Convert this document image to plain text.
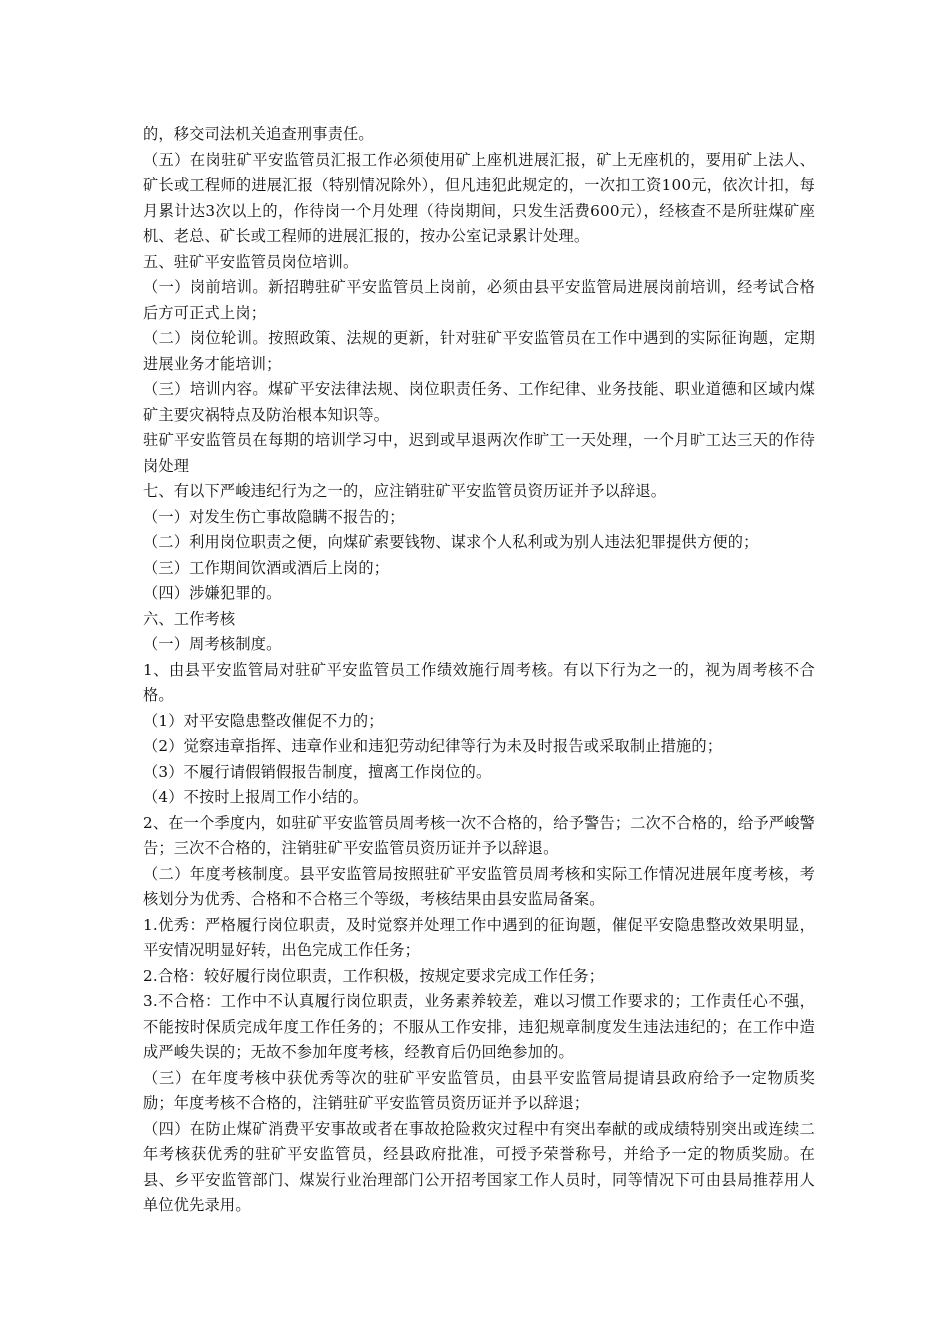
的，移交司法机关追查刑事责任。

（五）在岗驻矿平安监管员汇报工作必须使用矿上座机进展汇报，矿上无座机的，要用矿上法人、矿长或工程师的进展汇报（特别情况除外），但凡违犯此规定的，一次扣工资100元，依次计扣，每月累计达3次以上的，作待岗一个月处理（待岗期间，只发生活费600元），经核查不是所驻煤矿座机、老总、矿长或工程师的进展汇报的，按办公室记录累计处理。

五、驻矿平安监管员岗位培训。

（一）岗前培训。新招聘驻矿平安监管员上岗前，必须由县平安监管局进展岗前培训，经考试合格后方可正式上岗；

（二）岗位轮训。按照政策、法规的更新，针对驻矿平安监管员在工作中遇到的实际征询题，定期进展业务才能培训；

（三）培训内容。煤矿平安法律法规、岗位职责任务、工作纪律、业务技能、职业道德和区域内煤矿主要灾祸特点及防治根本知识等。

驻矿平安监管员在每期的培训学习中，迟到或早退两次作旷工一天处理，一个月旷工达三天的作待岗处理

七、有以下严峻违纪行为之一的，应注销驻矿平安监管员资历证并予以辞退。

（一）对发生伤亡事故隐瞒不报告的；

（二）利用岗位职责之便，向煤矿索要钱物、谋求个人私利或为别人违法犯罪提供方便的；

（三）工作期间饮酒或酒后上岗的；

（四）涉嫌犯罪的。

六、工作考核

（一）周考核制度。

1、由县平安监管局对驻矿平安监管员工作绩效施行周考核。有以下行为之一的，视为周考核不合格。

（1）对平安隐患整改催促不力的；

（2）觉察违章指挥、违章作业和违犯劳动纪律等行为未及时报告或采取制止措施的；

（3）不履行请假销假报告制度，擅离工作岗位的。

（4）不按时上报周工作小结的。

2、在一个季度内，如驻矿平安监管员周考核一次不合格的，给予警告；二次不合格的，给予严峻警告；三次不合格的，注销驻矿平安监管员资历证并予以辞退。

（二）年度考核制度。县平安监管局按照驻矿平安监管员周考核和实际工作情况进展年度考核，考核划分为优秀、合格和不合格三个等级，考核结果由县安监局备案。

1.优秀：严格履行岗位职责，及时觉察并处理工作中遇到的征询题，催促平安隐患整改效果明显，平安情况明显好转，出色完成工作任务；

2.合格：较好履行岗位职责，工作积极，按规定要求完成工作任务；

3.不合格：工作中不认真履行岗位职责，业务素养较差，难以习惯工作要求的；工作责任心不强，不能按时保质完成年度工作任务的；不服从工作安排，违犯规章制度发生违法违纪的；在工作中造成严峻失误的；无故不参加年度考核，经教育后仍回绝参加的。

（三）在年度考核中获优秀等次的驻矿平安监管员，由县平安监管局提请县政府给予一定物质奖励；年度考核不合格的，注销驻矿平安监管员资历证并予以辞退；

（四）在防止煤矿消费平安事故或者在事故抢险救灾过程中有突出奉献的或成绩特别突出或连续二年考核获优秀的驻矿平安监管员，经县政府批准，可授予荣誉称号，并给予一定的物质奖励。在县、乡平安监管部门、煤炭行业治理部门公开招考国家工作人员时，同等情况下可由县局推荐用人单位优先录用。
